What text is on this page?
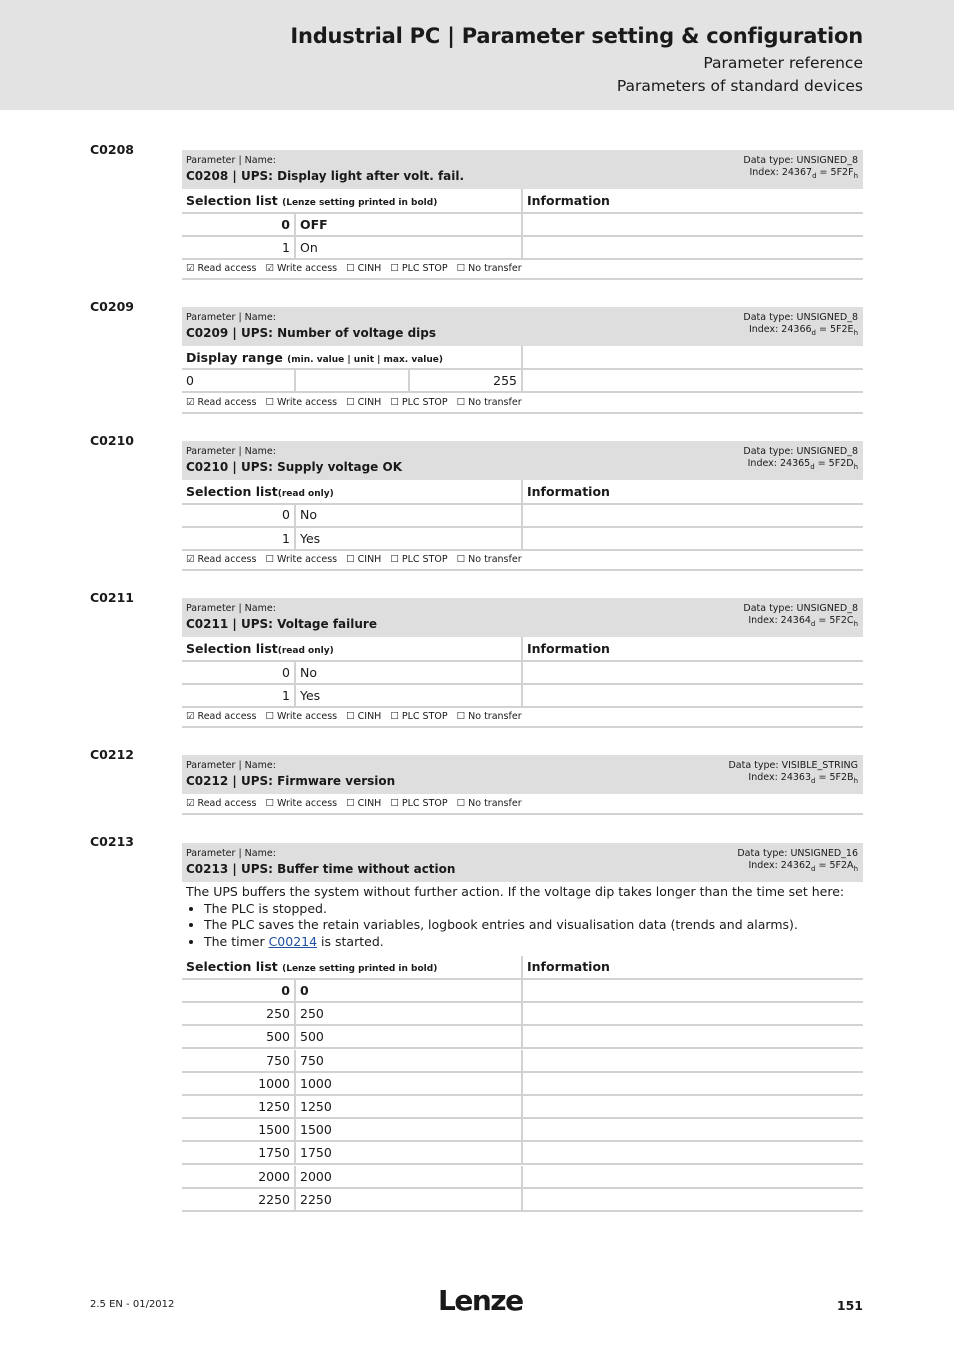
Industrial PC | Parameter setting & configuration
Parameter reference
Parameters of standard devices
C0208
Parameter | Name:
C0208 | UPS: Display light after volt. fail.
Data type: UNSIGNED_8
Index: $24367_d = 5F2F_h$
Selection list (Lenze setting printed in bold)	Information
0 OFF
1 On
☑ Read access ☑ Write access ☐ CINH ☐ PLC STOP ☐ No transfer
C0209
Parameter | Name:
C0209 | UPS: Number of voltage dips
Data type: UNSIGNED_8
Index: $24366_d = 5F2E_h$
Display range (min. value | unit | max. value)
0	255
☑ Read access ☐ Write access ☐ CINH ☐ PLC STOP ☐ No transfer
C0210
Parameter | Name:
C0210 | UPS: Supply voltage OK
Data type: UNSIGNED_8
Index: $24365_d = 5F2D_h$
Selection list(read only)	Information
0 No
1 Yes
☑ Read access ☐ Write access ☐ CINH ☐ PLC STOP ☐ No transfer
C0211
Parameter | Name:
C0211 | UPS: Voltage failure
Data type: UNSIGNED_8
Index: $24364_d = 5F2C_h$
Selection list(read only)	Information
0 No
1 Yes
☑ Read access ☐ Write access ☐ CINH ☐ PLC STOP ☐ No transfer
C0212
Parameter | Name:
C0212 | UPS: Firmware version
Data type: VISIBLE_STRING
Index: $24363_d = 5F2B_h$
☑ Read access ☐ Write access ☐ CINH ☐ PLC STOP ☐ No transfer
C0213
Parameter | Name:
C0213 | UPS: Buffer time without action
Data type: UNSIGNED_16
Index: $24362_d = 5F2A_h$
The UPS buffers the system without further action. If the voltage dip takes longer than the time set here:
• The PLC is stopped.
• The PLC saves the retain variables, logbook entries and visualisation data (trends and alarms).
• The timer C00214 is started.
Selection list (Lenze setting printed in bold)	Information
0 0
250 250
500 500
750 750
1000 1000
1250 1250
1500 1500
1750 1750
2000 2000
2250 2250
2.5 EN - 01/2012	Lenze	151
